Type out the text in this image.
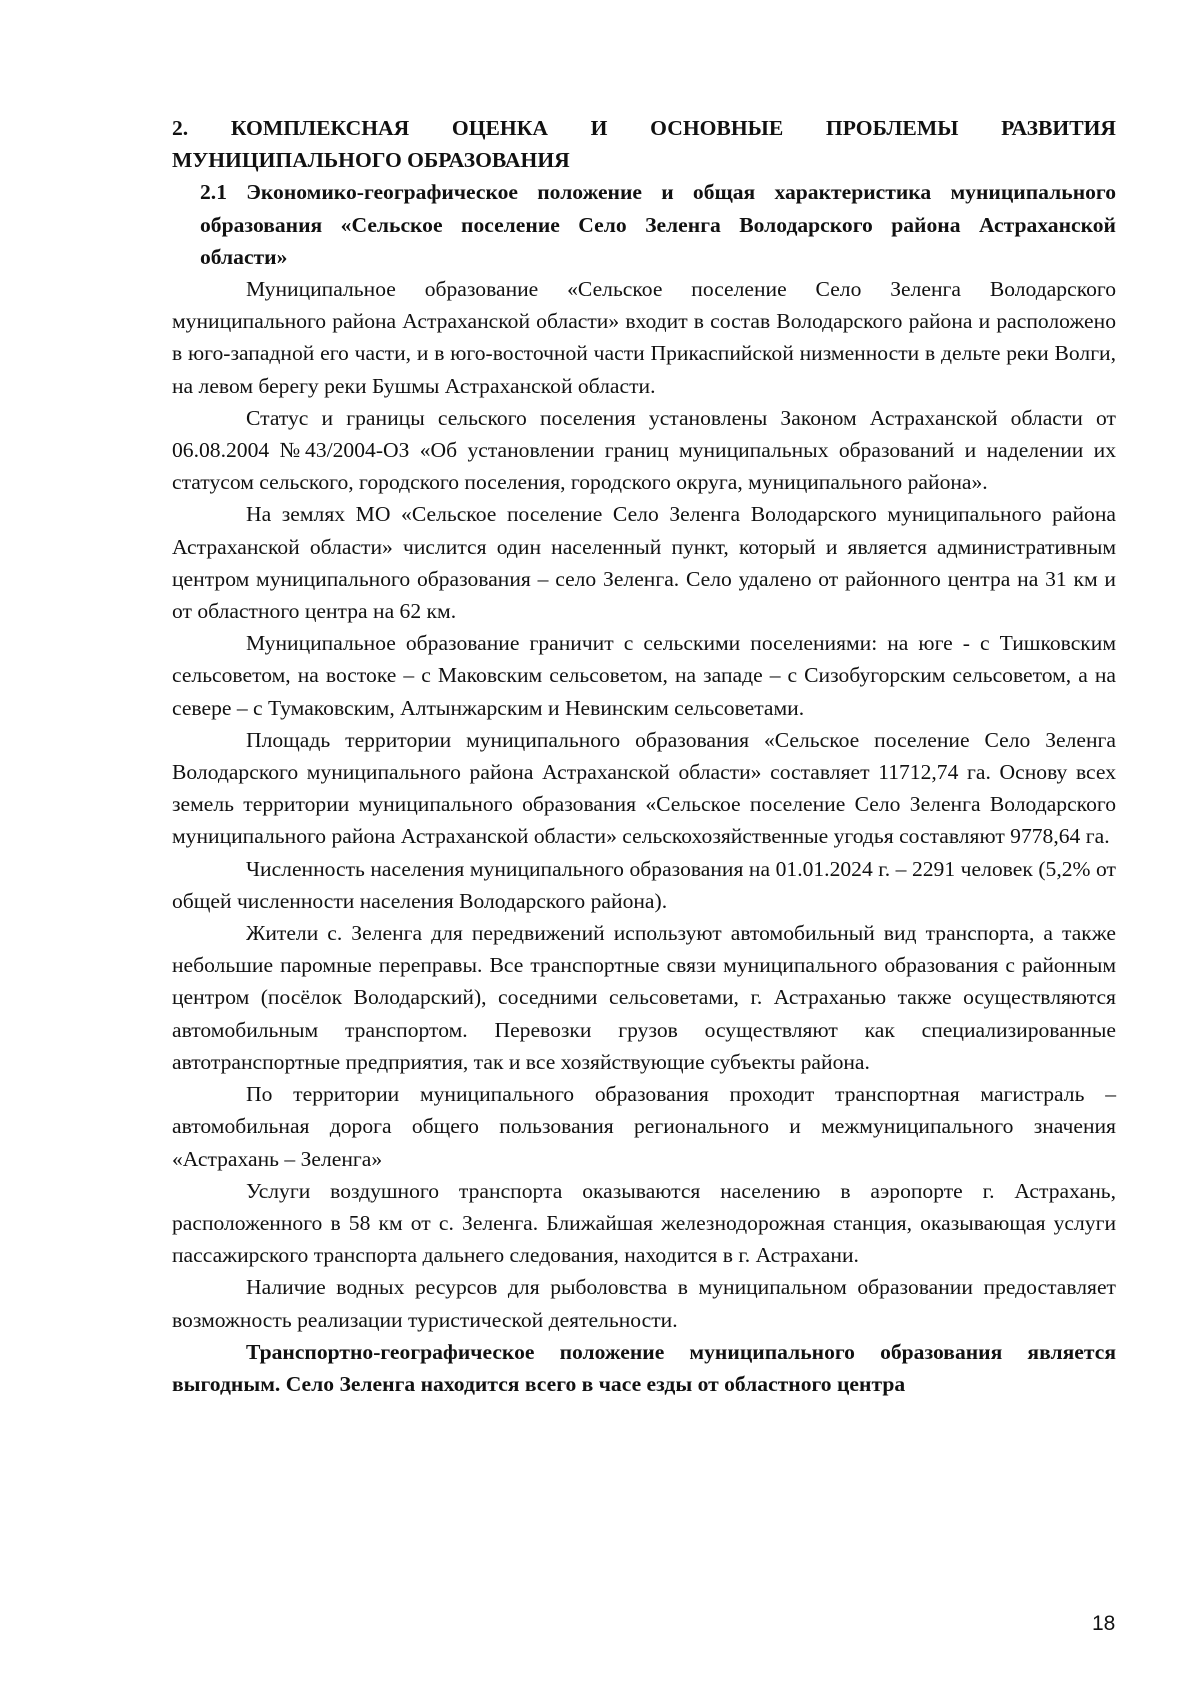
2. КОМПЛЕКСНАЯ ОЦЕНКА И ОСНОВНЫЕ ПРОБЛЕМЫ РАЗВИТИЯ МУНИЦИПАЛЬНОГО ОБРАЗОВАНИЯ

2.1 Экономико-географическое положение и общая характеристика муниципального образования «Сельское поселение Село Зеленга Володарского района Астраханской области»

Муниципальное образование «Сельское поселение Село Зеленга Володарского муниципального района Астраханской области» входит в состав Володарского района и расположено в юго-западной его части, и в юго-восточной части Прикаспийской низменности в дельте реки Волги, на левом берегу реки Бушмы Астраханской области.

Статус и границы сельского поселения установлены Законом Астраханской области от 06.08.2004 №43/2004-ОЗ «Об установлении границ муниципальных образований и наделении их статусом сельского, городского поселения, городского округа, муниципального района».

На землях МО «Сельское поселение Село Зеленга Володарского муниципального района Астраханской области» числится один населенный пункт, который и является административным центром муниципального образования – село Зеленга. Село удалено от районного центра на 31 км и от областного центра на 62 км.

Муниципальное образование граничит с сельскими поселениями: на юге - с Тишковским сельсоветом, на востоке – с Маковским сельсоветом, на западе – с Сизобугорским сельсоветом, а на севере – с Тумаковским, Алтынжарским и Невинским сельсоветами.

Площадь территории муниципального образования «Сельское поселение Село Зеленга Володарского муниципального района Астраханской области» составляет 11712,74 га. Основу всех земель территории муниципального образования «Сельское поселение Село Зеленга Володарского муниципального района Астраханской области» сельскохозяйственные угодья составляют 9778,64 га.

Численность населения муниципального образования на 01.01.2024 г. – 2291 человек (5,2% от общей численности населения Володарского района).

Жители с. Зеленга для передвижений используют автомобильный вид транспорта, а также небольшие паромные переправы. Все транспортные связи муниципального образования с районным центром (посёлок Володарский), соседними сельсоветами, г. Астраханью также осуществляются автомобильным транспортом. Перевозки грузов осуществляют как специализированные автотранспортные предприятия, так и все хозяйствующие субъекты района.

По территории муниципального образования проходит транспортная магистраль – автомобильная дорога общего пользования регионального и межмуниципального значения «Астрахань – Зеленга»

Услуги воздушного транспорта оказываются населению в аэропорте г. Астрахань, расположенного в 58 км от с. Зеленга. Ближайшая железнодорожная станция, оказывающая услуги пассажирского транспорта дальнего следования, находится в г. Астрахани.

Наличие водных ресурсов для рыболовства в муниципальном образовании предоставляет возможность реализации туристической деятельности.

Транспортно-географическое положение муниципального образования является выгодным. Село Зеленга находится всего в часе езды от областного центра

18
